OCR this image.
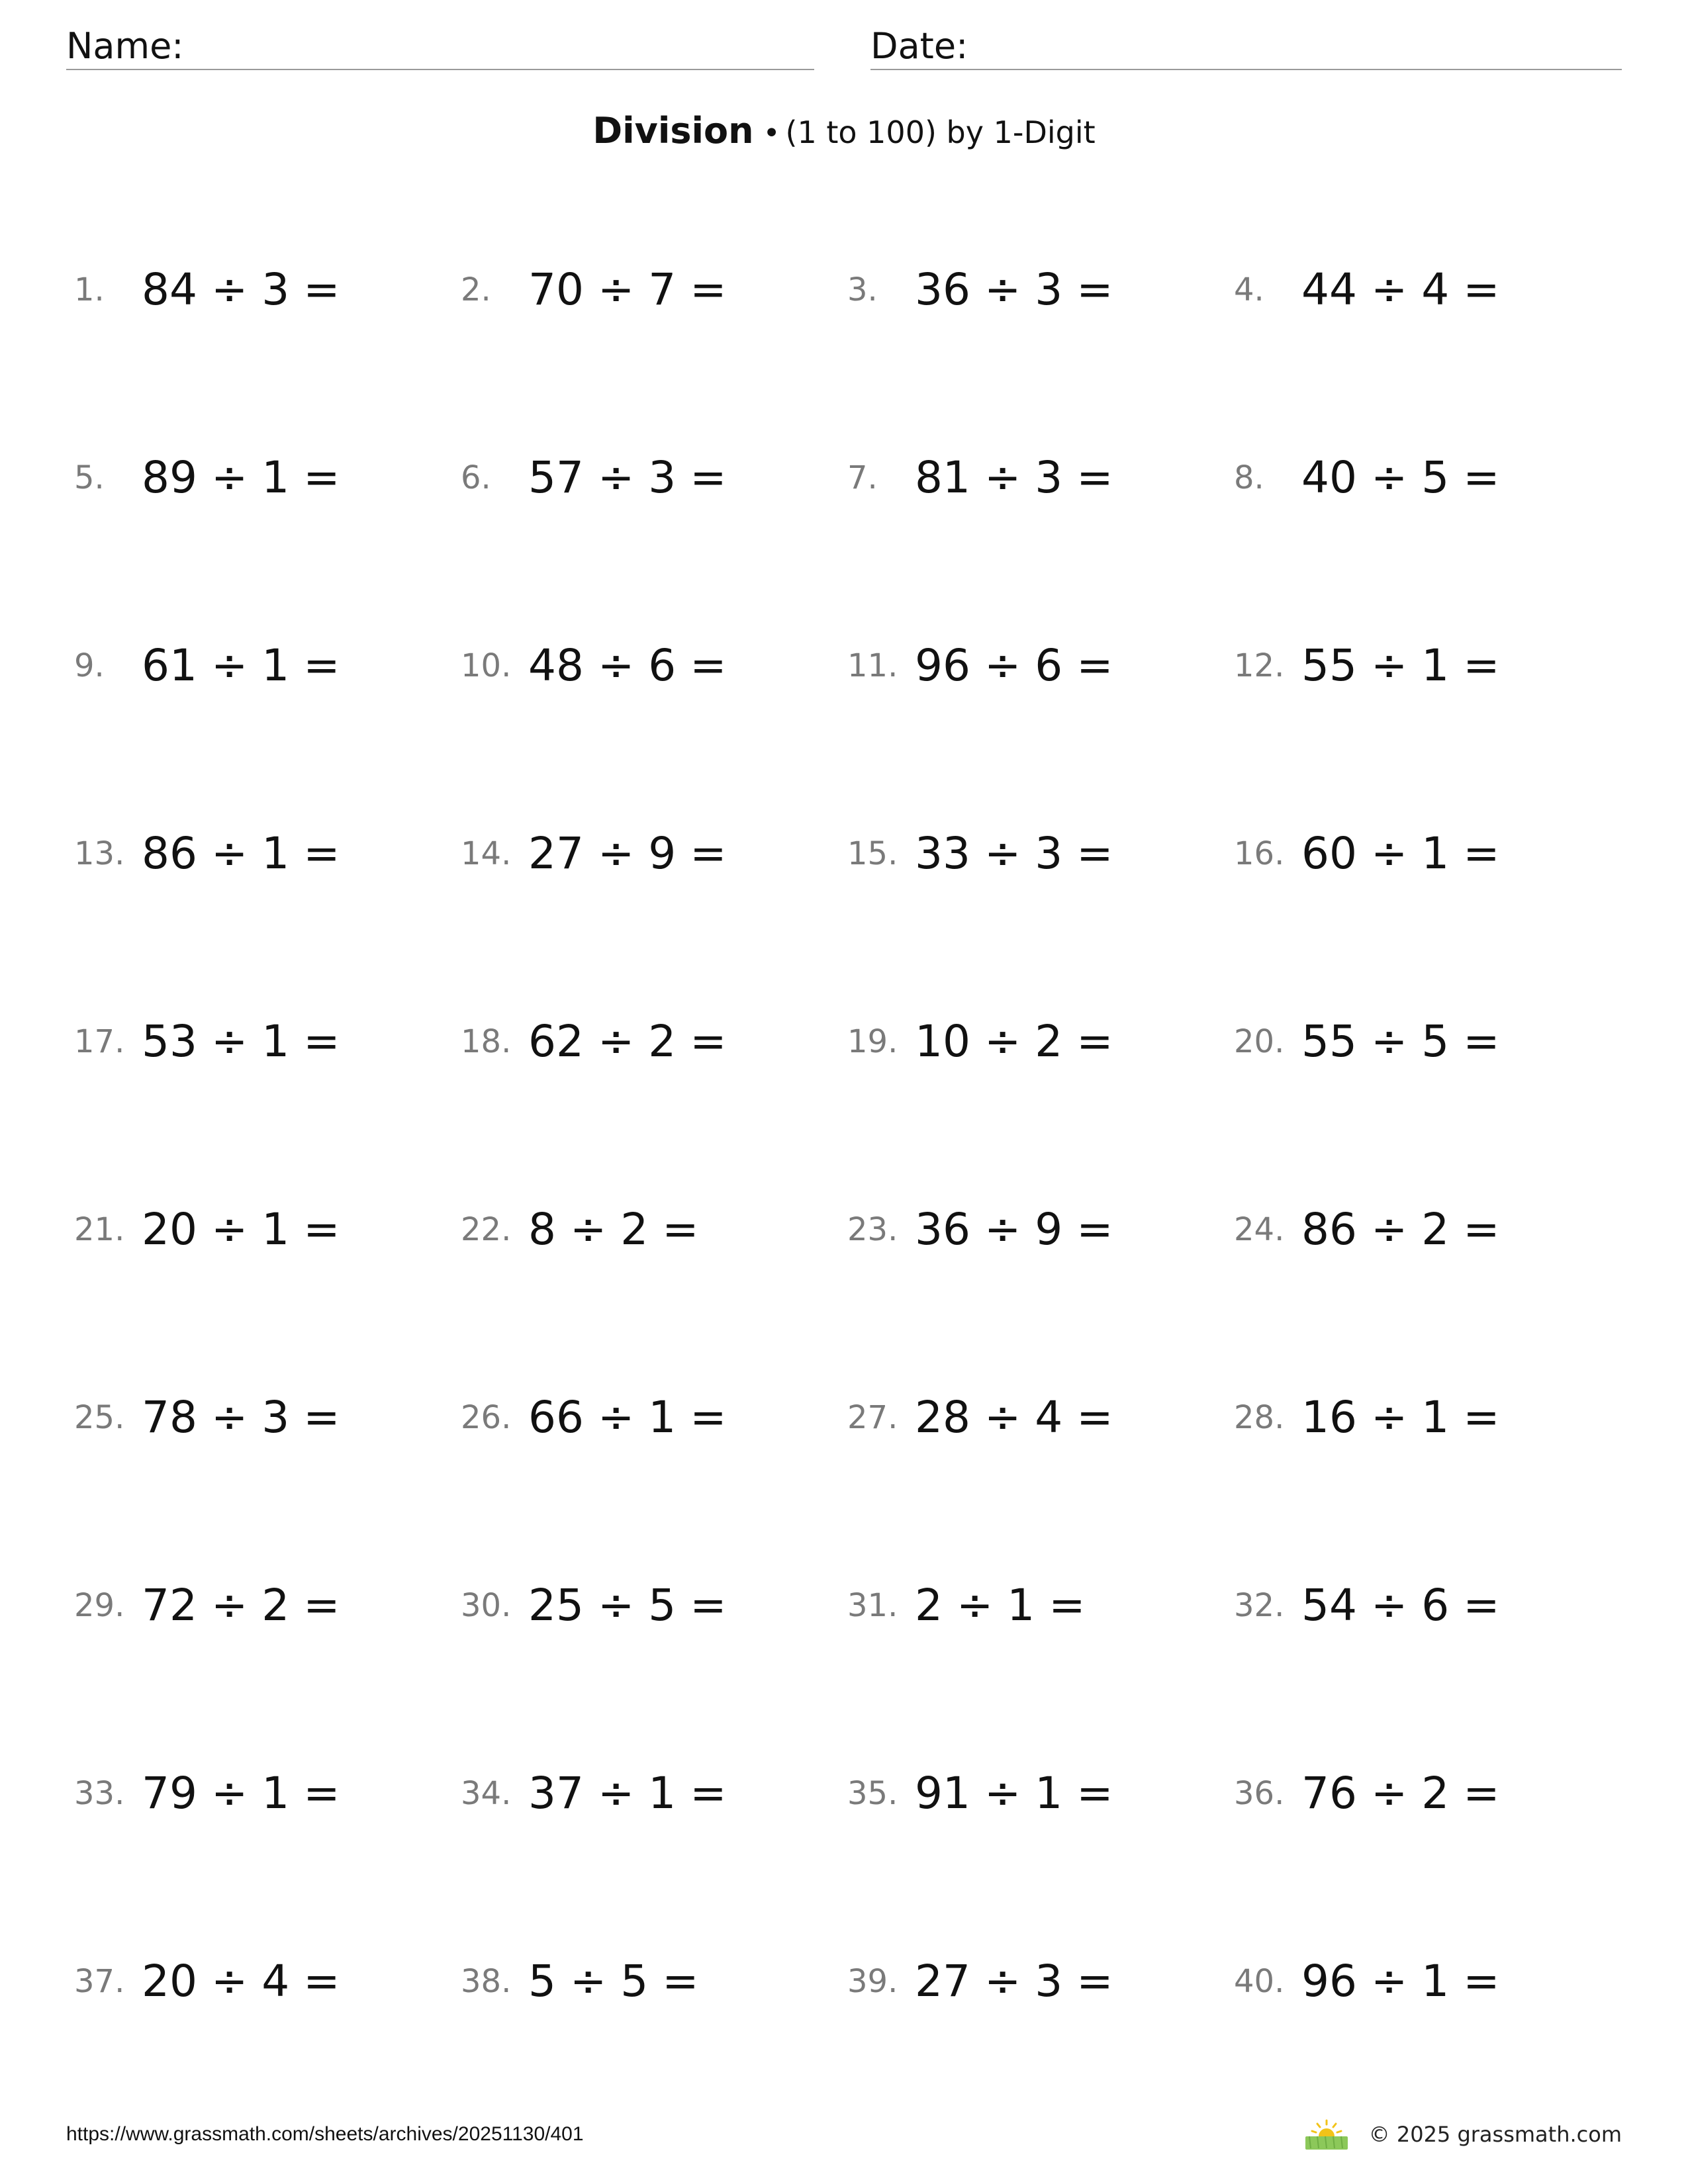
Name:	Date:
Division • (1 to 100) by 1-Digit
1. 84 ÷ 3 =	2. 70 ÷ 7 =	3. 36 ÷ 3 =	4. 44 ÷ 4 =
5. 89 ÷ 1 =	6. 57 ÷ 3 =	7. 81 ÷ 3 =	8. 40 ÷ 5 =
9. 61 ÷ 1 =	10. 48 ÷ 6 =	11. 96 ÷ 6 =	12. 55 ÷ 1 =
13. 86 ÷ 1 =	14. 27 ÷ 9 =	15. 33 ÷ 3 =	16. 60 ÷ 1 =
17. 53 ÷ 1 =	18. 62 ÷ 2 =	19. 10 ÷ 2 =	20. 55 ÷ 5 =
21. 20 ÷ 1 =	22. 8 ÷ 2 =	23. 36 ÷ 9 =	24. 86 ÷ 2 =
25. 78 ÷ 3 =	26. 66 ÷ 1 =	27. 28 ÷ 4 =	28. 16 ÷ 1 =
29. 72 ÷ 2 =	30. 25 ÷ 5 =	31. 2 ÷ 1 =	32. 54 ÷ 6 =
33. 79 ÷ 1 =	34. 37 ÷ 1 =	35. 91 ÷ 1 =	36. 76 ÷ 2 =
37. 20 ÷ 4 =	38. 5 ÷ 5 =	39. 27 ÷ 3 =	40. 96 ÷ 1 =
https://www.grassmath.com/sheets/archives/20251130/401	© 2025 grassmath.com
